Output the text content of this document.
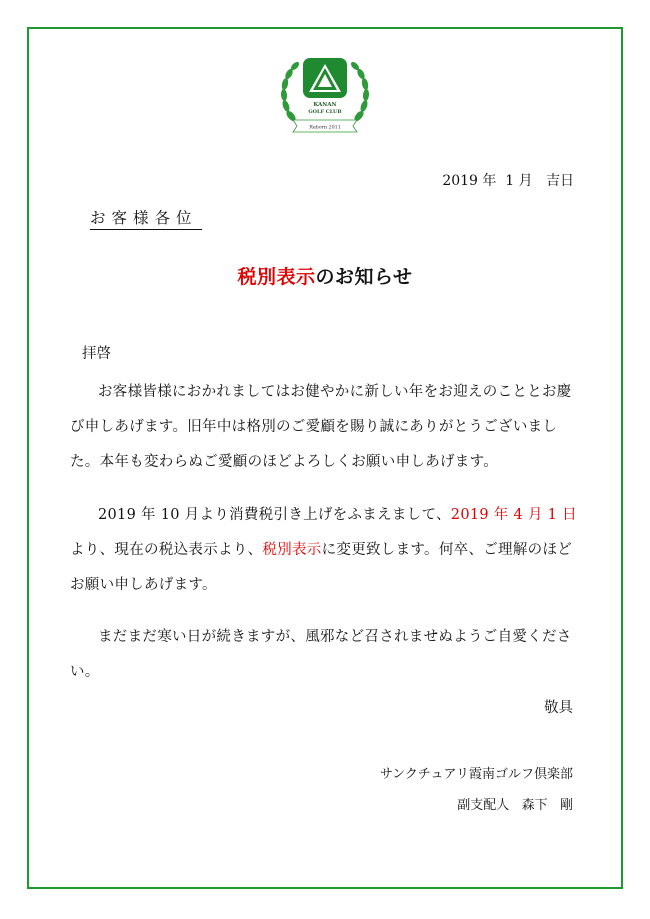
KANAN
GOLF CLUB
Reborn 2011
2019 年  1 月   吉日
お客様各位
税別表示のお知らせ
拝啓

お客様皆様におかれましてはお健やかに新しい年をお迎えのこととお慶び申しあげます。旧年中は格別のご愛顧を賜り誠にありがとうございました。本年も変わらぬご愛顧のほどよろしくお願い申しあげます。

2019 年 10 月より消費税引き上げをふまえまして、2019 年 4 月 1 日より、現在の税込表示より、税別表示に変更致します。何卒、ご理解のほどお願い申しあげます。

まだまだ寒い日が続きますが、風邪など召されませぬようご自愛ください。

敬具
サンクチュアリ霞南ゴルフ倶楽部
副支配人   森下   剛
